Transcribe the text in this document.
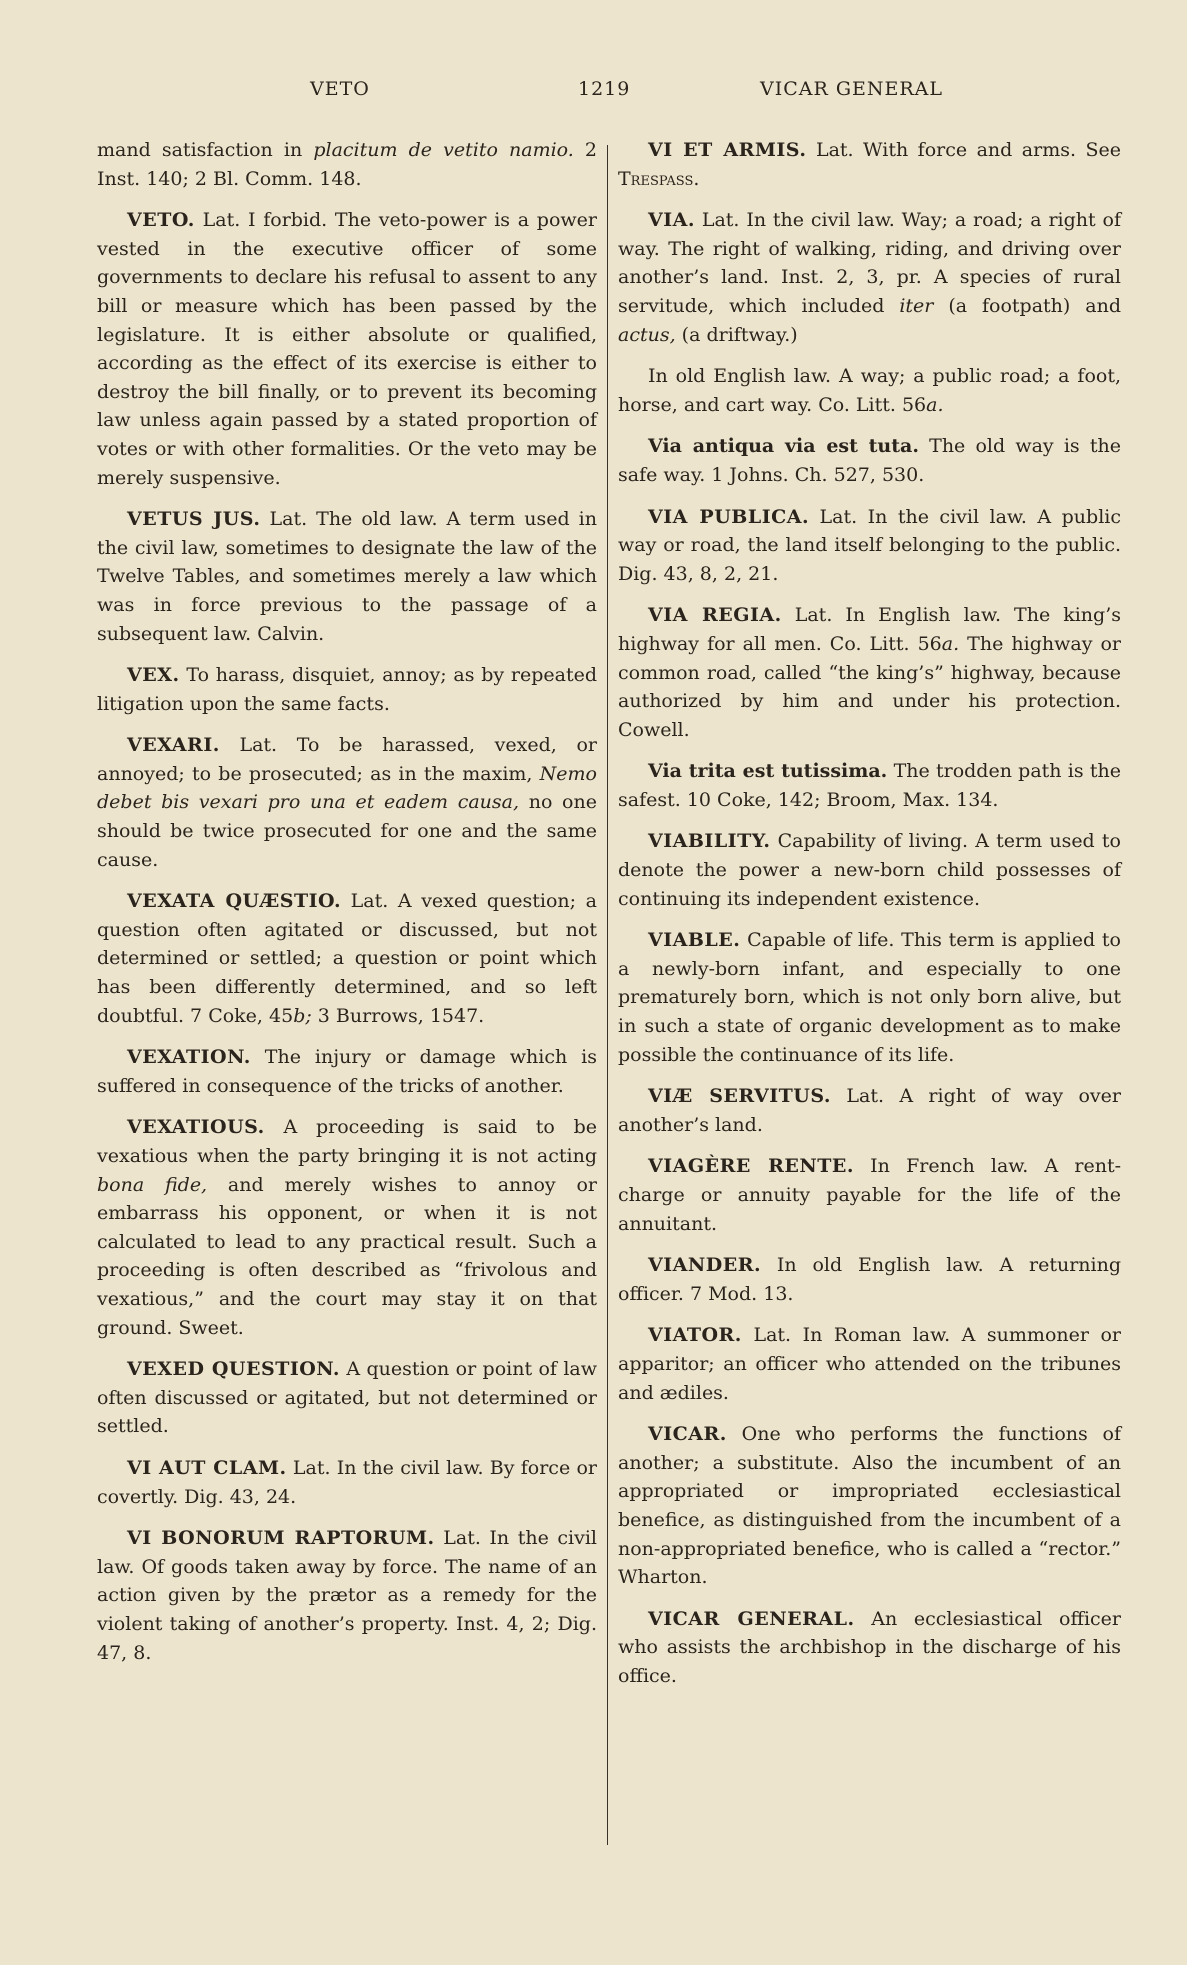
VETO	1219	VICAR GENERAL

mand satisfaction in placitum de vetito namio. 2 Inst. 140; 2 Bl. Comm. 148.

VETO. Lat. I forbid. The veto-power is a power vested in the executive officer of some governments to declare his refusal to assent to any bill or measure which has been passed by the legislature. It is either absolute or qualified, according as the effect of its exercise is either to destroy the bill finally, or to prevent its becoming law unless again passed by a stated proportion of votes or with other formalities. Or the veto may be merely suspensive.

VETUS JUS. Lat. The old law. A term used in the civil law, sometimes to designate the law of the Twelve Tables, and sometimes merely a law which was in force previous to the passage of a subsequent law. Calvin.

VEX. To harass, disquiet, annoy; as by repeated litigation upon the same facts.

VEXARI. Lat. To be harassed, vexed, or annoyed; to be prosecuted; as in the maxim, Nemo debet bis vexari pro una et eadem causa, no one should be twice prosecuted for one and the same cause.

VEXATA QUÆSTIO. Lat. A vexed question; a question often agitated or discussed, but not determined or settled; a question or point which has been differently determined, and so left doubtful. 7 Coke, 45b; 3 Burrows, 1547.

VEXATION. The injury or damage which is suffered in consequence of the tricks of another.

VEXATIOUS. A proceeding is said to be vexatious when the party bringing it is not acting bona fide, and merely wishes to annoy or embarrass his opponent, or when it is not calculated to lead to any practical result. Such a proceeding is often described as “frivolous and vexatious,” and the court may stay it on that ground. Sweet.

VEXED QUESTION. A question or point of law often discussed or agitated, but not determined or settled.

VI AUT CLAM. Lat. In the civil law. By force or covertly. Dig. 43, 24.

VI BONORUM RAPTORUM. Lat. In the civil law. Of goods taken away by force. The name of an action given by the prætor as a remedy for the violent taking of another’s property. Inst. 4, 2; Dig. 47, 8.

VI ET ARMIS. Lat. With force and arms. See Trespass.

VIA. Lat. In the civil law. Way; a road; a right of way. The right of walking, riding, and driving over another’s land. Inst. 2, 3, pr. A species of rural servitude, which included iter (a footpath) and actus, (a driftway.)

In old English law. A way; a public road; a foot, horse, and cart way. Co. Litt. 56a.

Via antiqua via est tuta. The old way is the safe way. 1 Johns. Ch. 527, 530.

VIA PUBLICA. Lat. In the civil law. A public way or road, the land itself belonging to the public. Dig. 43, 8, 2, 21.

VIA REGIA. Lat. In English law. The king’s highway for all men. Co. Litt. 56a. The highway or common road, called “the king’s” highway, because authorized by him and under his protection. Cowell.

Via trita est tutissima. The trodden path is the safest. 10 Coke, 142; Broom, Max. 134.

VIABILITY. Capability of living. A term used to denote the power a new-born child possesses of continuing its independent existence.

VIABLE. Capable of life. This term is applied to a newly-born infant, and especially to one prematurely born, which is not only born alive, but in such a state of organic development as to make possible the continuance of its life.

VIÆ SERVITUS. Lat. A right of way over another’s land.

VIAGÈRE RENTE. In French law. A rent-charge or annuity payable for the life of the annuitant.

VIANDER. In old English law. A returning officer. 7 Mod. 13.

VIATOR. Lat. In Roman law. A summoner or apparitor; an officer who attended on the tribunes and ædiles.

VICAR. One who performs the functions of another; a substitute. Also the incumbent of an appropriated or impropriated ecclesiastical benefice, as distinguished from the incumbent of a non-appropriated benefice, who is called a “rector.” Wharton.

VICAR GENERAL. An ecclesiastical officer who assists the archbishop in the discharge of his office.
